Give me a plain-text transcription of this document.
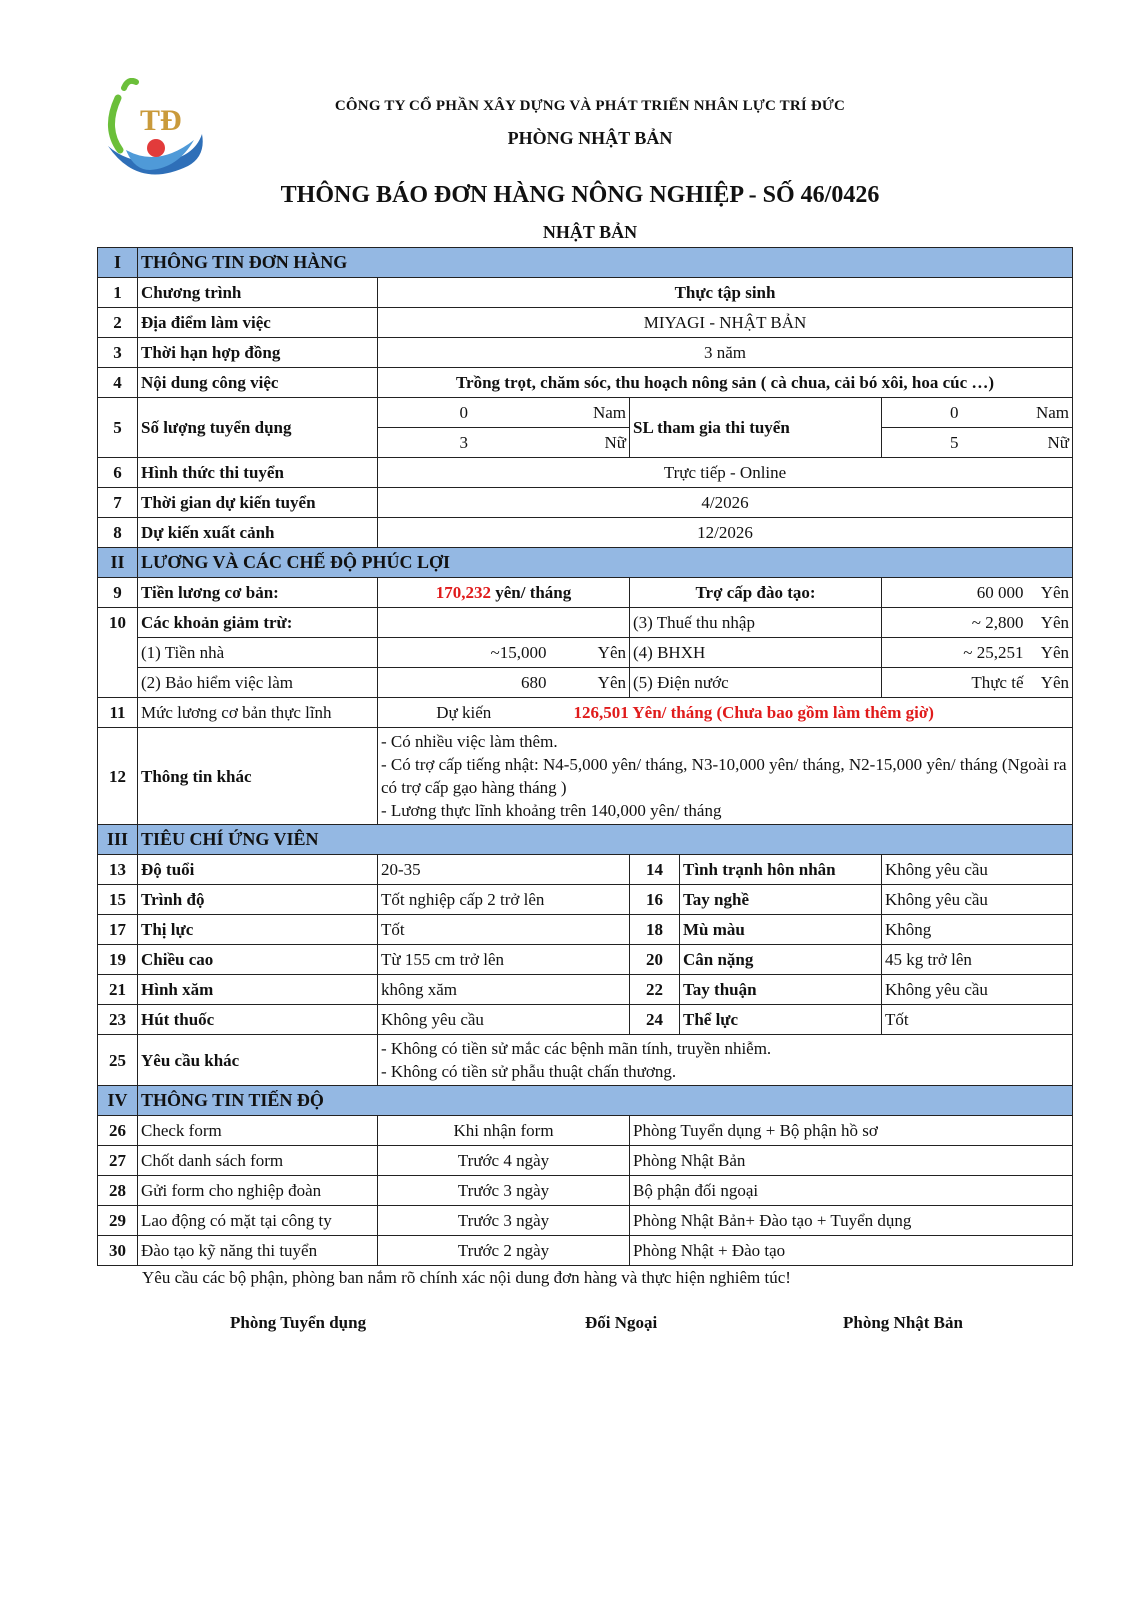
TĐ	CÔNG TY CỔ PHẦN XÂY DỰNG VÀ PHÁT TRIỂN NHÂN LỰC TRÍ ĐỨC
PHÒNG NHẬT BẢN
THÔNG BÁO ĐƠN HÀNG NÔNG NGHIỆP - SỐ 46/0426
NHẬT BẢN
I	THÔNG TIN ĐƠN HÀNG						
1	Chương trình	Thực tập sinh					
2	Địa điểm làm việc	MIYAGI - NHẬT BẢN					
3	Thời hạn hợp đồng	3 năm					
4	Nội dung công việc	Trồng trọt, chăm sóc, thu hoạch nông sản ( cà chua, cải bó xôi, hoa cúc …)					
5	Số lượng tuyển dụng	0	Nam	SL tham gia thi tuyển		0	Nam
		3	Nữ			5	Nữ
6	Hình thức thi tuyển	Trực tiếp - Online					
7	Thời gian dự kiến tuyển	4/2026					
8	Dự kiến xuất cảnh	12/2026					
II	LƯƠNG VÀ CÁC CHẾ ĐỘ PHÚC LỢI						
9	Tiền lương cơ bản:	170,232 yên/ tháng		Trợ cấp đào tạo:		60 000	Yên
10	Các khoản giảm trừ:			(3) Thuế thu nhập		~ 2,800	Yên
	(1) Tiền nhà	~15,000	Yên	(4) BHXH		~ 25,251	Yên
	(2) Bảo hiểm việc làm	680	Yên	(5) Điện nước		Thực tế	Yên
11	Mức lương cơ bản thực lĩnh	Dự kiến	126,501 Yên/ tháng (Chưa bao gồm làm thêm giờ)				
12	Thông tin khác	- Có nhiều việc làm thêm.
- Có trợ cấp tiếng nhật: N4-5,000 yên/ tháng, N3-10,000 yên/ tháng, N2-15,000 yên/ tháng (Ngoài ra có trợ cấp gạo hàng tháng )
- Lương thực lĩnh khoảng trên 140,000 yên/ tháng					

III	TIÊU CHÍ ỨNG VIÊN						
13	Độ tuổi	20-35		14	Tình trạnh hôn nhân	Không yêu cầu	
15	Trình độ	Tốt nghiệp cấp 2 trở lên		16	Tay nghề	Không yêu cầu	
17	Thị lực	Tốt		18	Mù màu	Không	
19	Chiều cao	Từ 155 cm trở lên		20	Cân nặng	45 kg trở lên	
21	Hình xăm	không xăm		22	Tay thuận	Không yêu cầu	
23	Hút thuốc	Không yêu cầu		24	Thể lực	Tốt	
25	Yêu cầu khác	- Không có tiền sử mắc các bệnh mãn tính, truyền nhiễm.
- Không có tiền sử phẫu thuật chấn thương.					

IV	THÔNG TIN TIẾN ĐỘ						
26	Check form	Khi nhận form		Phòng Tuyển dụng + Bộ phận hồ sơ			
27	Chốt danh sách form	Trước 4 ngày		Phòng Nhật Bản			
28	Gửi form cho nghiệp đoàn	Trước 3 ngày		Bộ phận đối ngoại			
29	Lao động có mặt tại công ty	Trước 3 ngày		Phòng Nhật Bản+ Đào tạo + Tuyển dụng			
30	Đào tạo kỹ năng thi tuyển	Trước 2 ngày		Phòng Nhật + Đào tạo			
Yêu cầu các bộ phận, phòng ban nắm rõ chính xác nội dung đơn hàng và thực hiện nghiêm túc!
Phòng Tuyển dụng	Đối Ngoại	Phòng Nhật Bản
